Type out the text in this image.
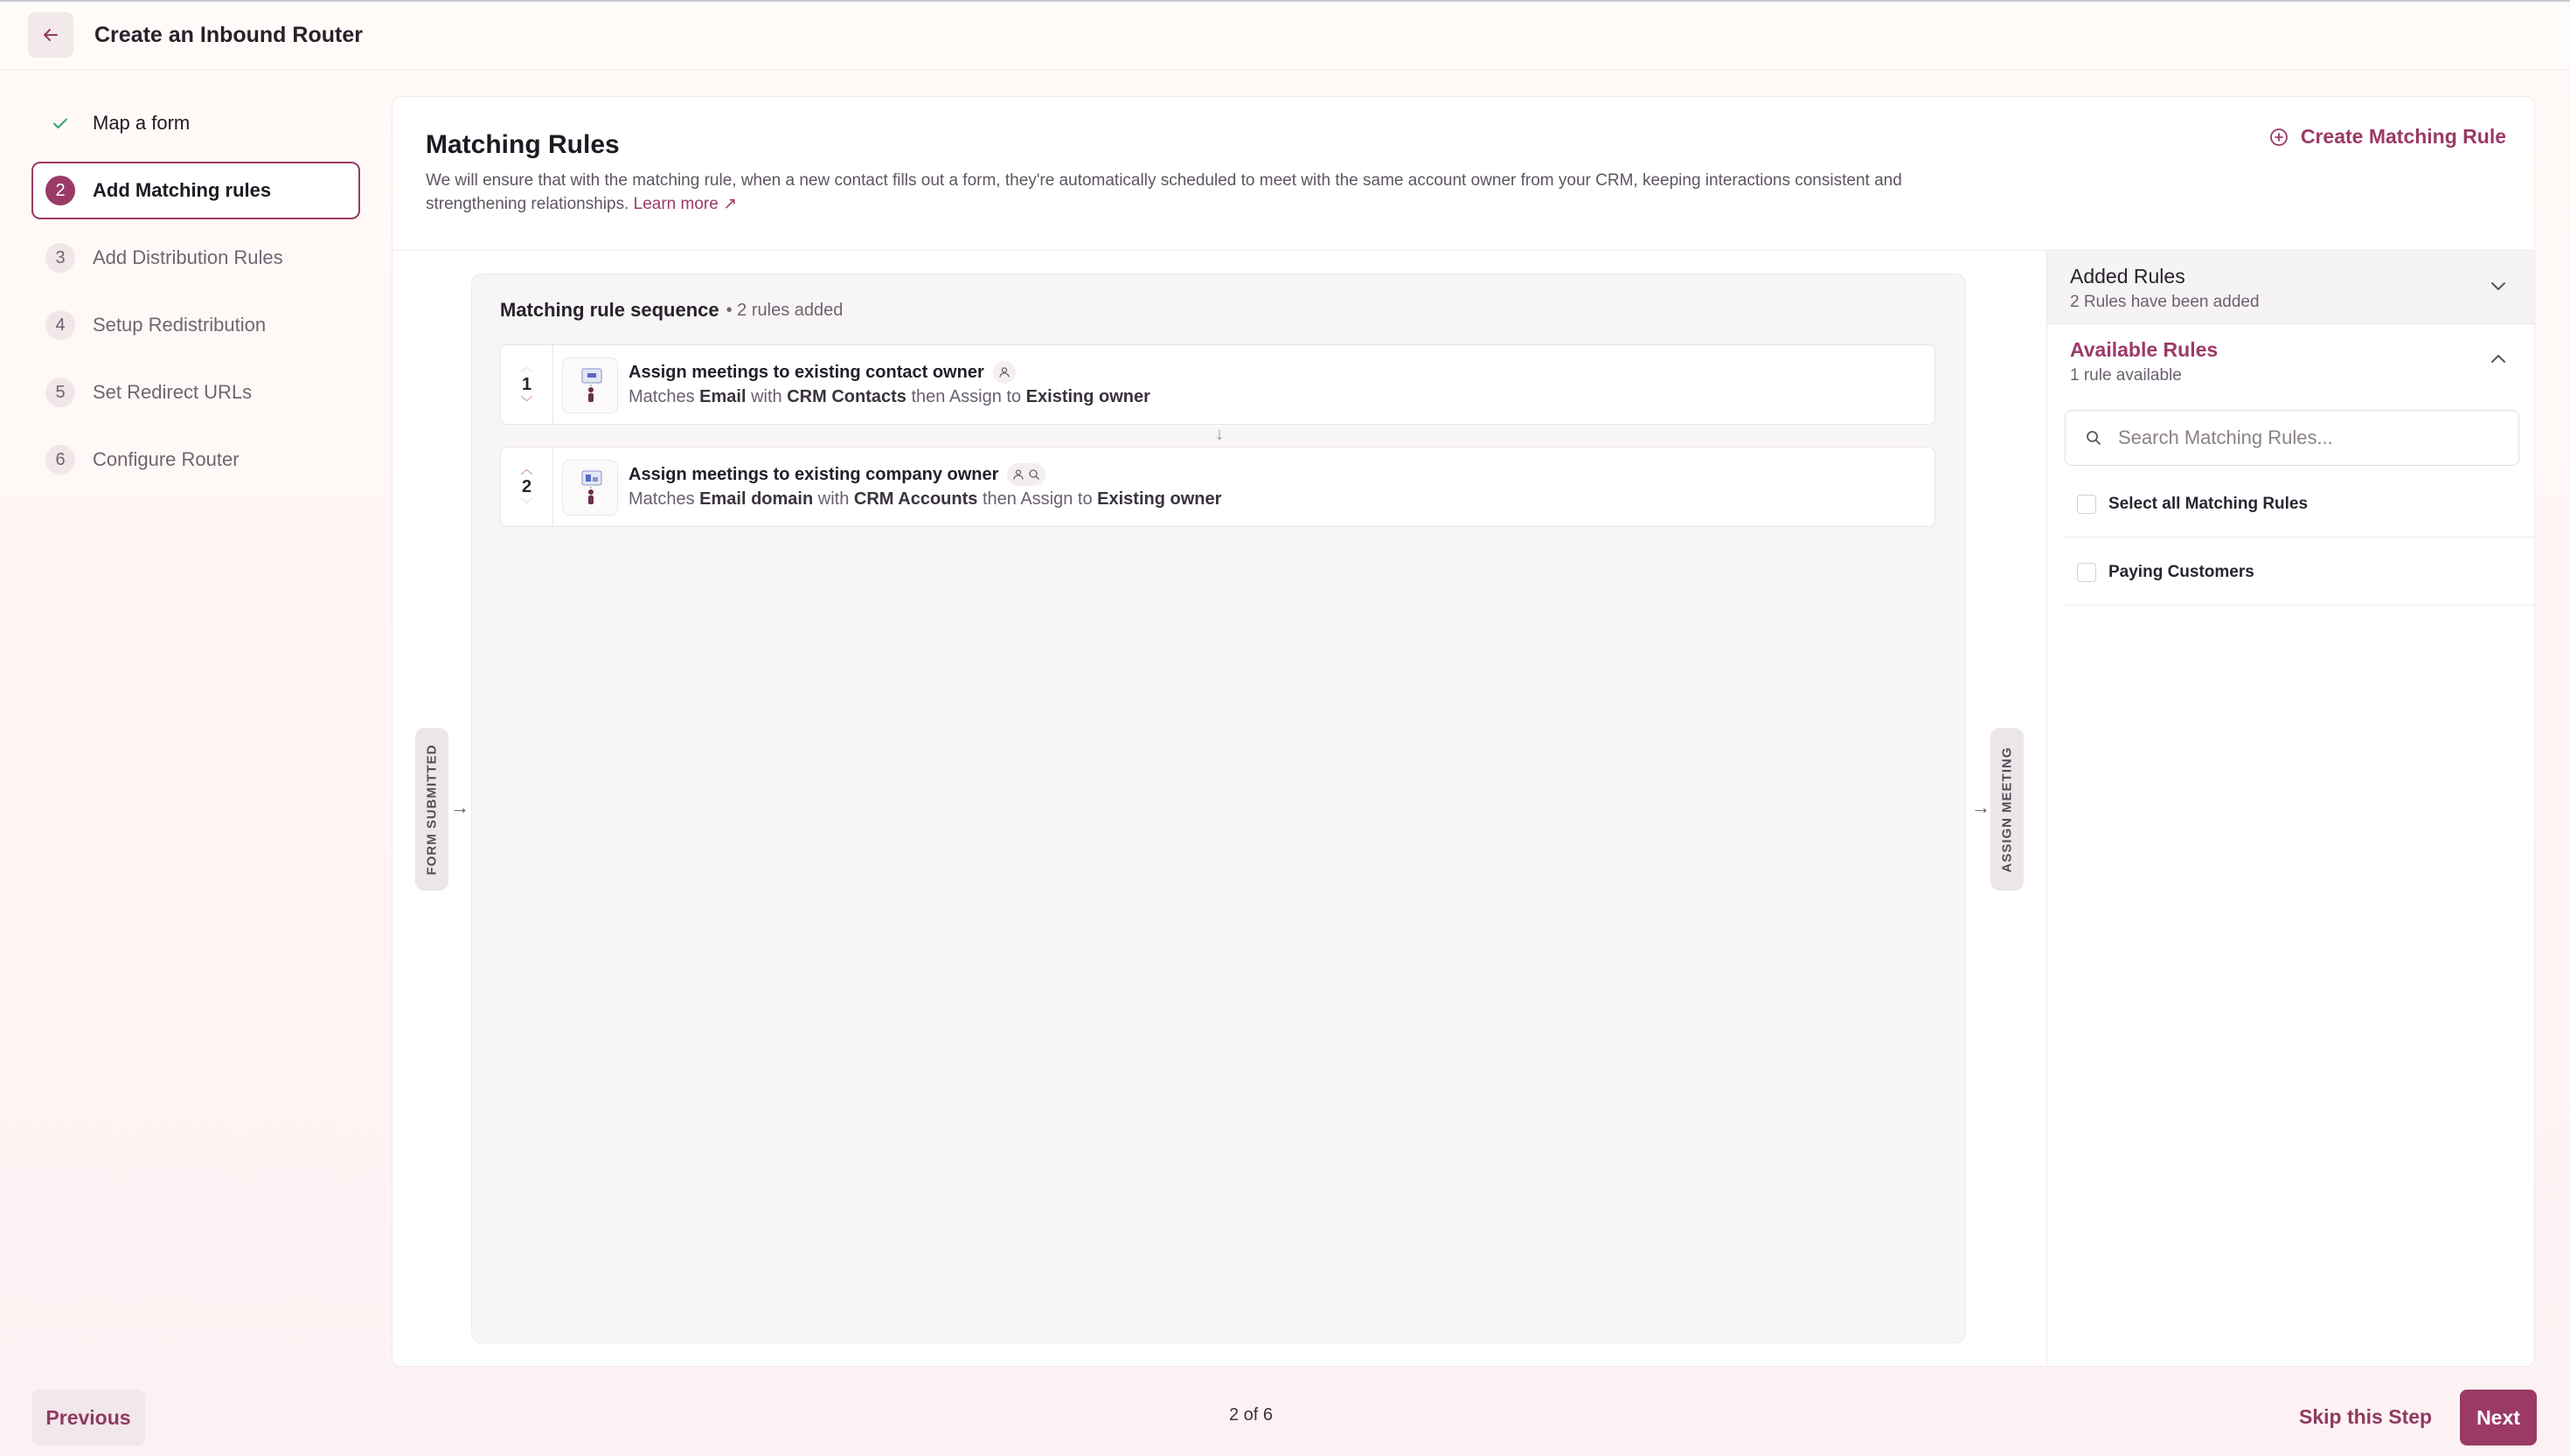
Create an Inbound Router
Map a form
2	Add Matching rules
3	Add Distribution Rules
4	Setup Redistribution
5	Set Redirect URLs
6	Configure Router
Matching Rules
We will ensure that with the matching rule, when a new contact fills out a form, they're automatically scheduled to meet with the same account owner from your CRM, keeping interactions consistent and strengthening relationships. Learn more ↗
Create Matching Rule
FORM SUBMITTED →
Matching rule sequence • 2 rules added
︿
1
﹀
Assign meetings to existing contact owner
Matches Email with CRM Contacts then Assign to Existing owner
↓
︿
2
﹀
Assign meetings to existing company owner
Matches Email domain with CRM Accounts then Assign to Existing owner
→ ASSIGN MEETING
Added Rules
2 Rules have been added
Available Rules
1 rule available
Search Matching Rules...
Select all Matching Rules
Paying Customers
Previous	2 of 6	Skip this Step	Next
